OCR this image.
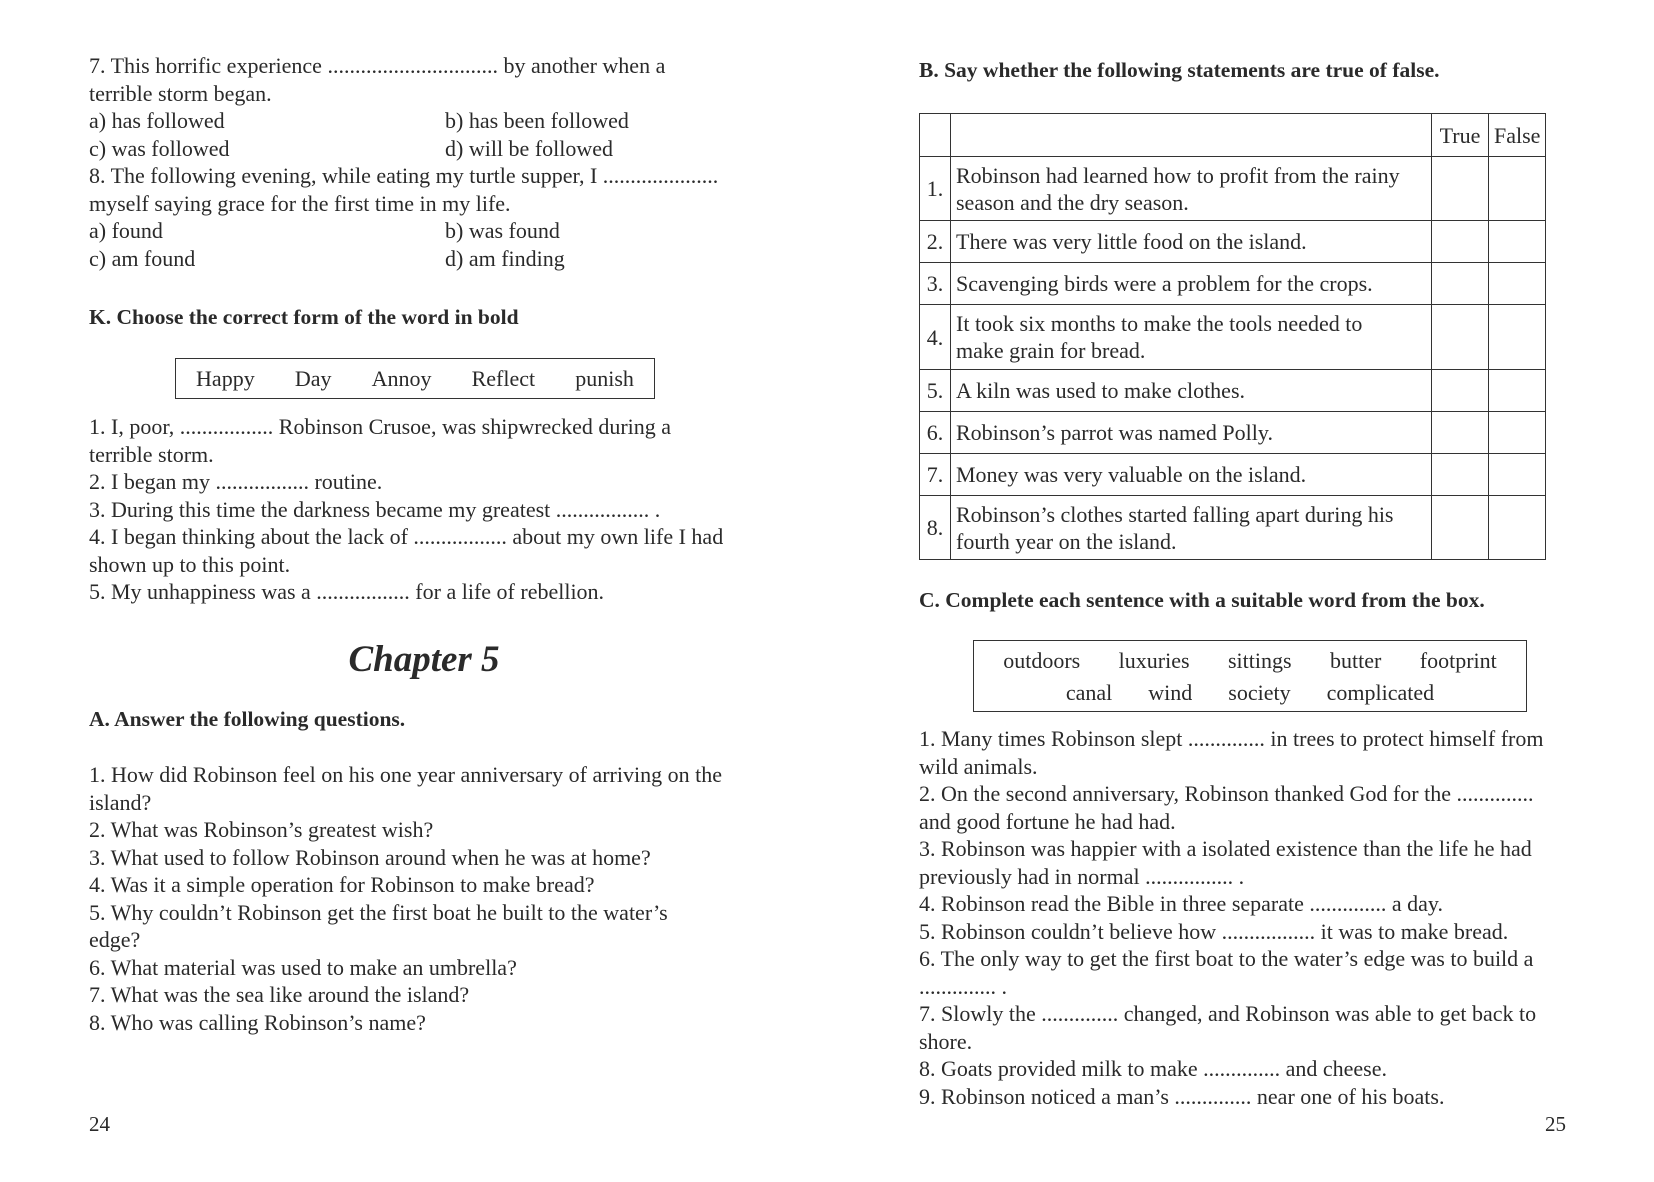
7. This horrific experience ............................... by another when a
terrible storm began.
a) has followed	b) has been followed
c) was followed	d) will be followed
8. The following evening, while eating my turtle supper, I .....................
myself saying grace for the first time in my life.
a) found	b) was found
c) am found	d) am finding
K. Choose the correct form of the word in bold
Happy Day Annoy Reflect punish
1. I, poor, ................. Robinson Crusoe, was shipwrecked during a
terrible storm.
2. I began my ................. routine.
3. During this time the darkness became my greatest ................. .
4. I began thinking about the lack of ................. about my own life I had
shown up to this point.
5. My unhappiness was a ................. for a life of rebellion.
Chapter 5
A. Answer the following questions.
1. How did Robinson feel on his one year anniversary of arriving on the
island?
2. What was Robinson’s greatest wish?
3. What used to follow Robinson around when he was at home?
4. Was it a simple operation for Robinson to make bread?
5. Why couldn’t Robinson get the first boat he built to the water’s
edge?
6. What material was used to make an umbrella?
7. What was the sea like around the island?
8. Who was calling Robinson’s name?
24
B. Say whether the following statements are true of false.
		True	False
1.	Robinson had learned how to profit from the rainy
season and the dry season.		

2.	There was very little food on the island.		

3.	Scavenging birds were a problem for the crops.		

4.	It took six months to make the tools needed to
make grain for bread.		

5.	A kiln was used to make clothes.		

6.	Robinson’s parrot was named Polly.		

7.	Money was very valuable on the island.		

8.	Robinson’s clothes started falling apart during his
fourth year on the island.		

C. Complete each sentence with a suitable word from the box.
outdoors luxuries sittings butter footprint
canal wind society complicated
1. Many times Robinson slept .............. in trees to protect himself from
wild animals.
2. On the second anniversary, Robinson thanked God for the ..............
and good fortune he had had.
3. Robinson was happier with a isolated existence than the life he had
previously had in normal ................ .
4. Robinson read the Bible in three separate .............. a day.
5. Robinson couldn’t believe how ................. it was to make bread.
6. The only way to get the first boat to the water’s edge was to build a
.............. .
7. Slowly the .............. changed, and Robinson was able to get back to
shore.
8. Goats provided milk to make .............. and cheese.
9. Robinson noticed a man’s .............. near one of his boats.
25
